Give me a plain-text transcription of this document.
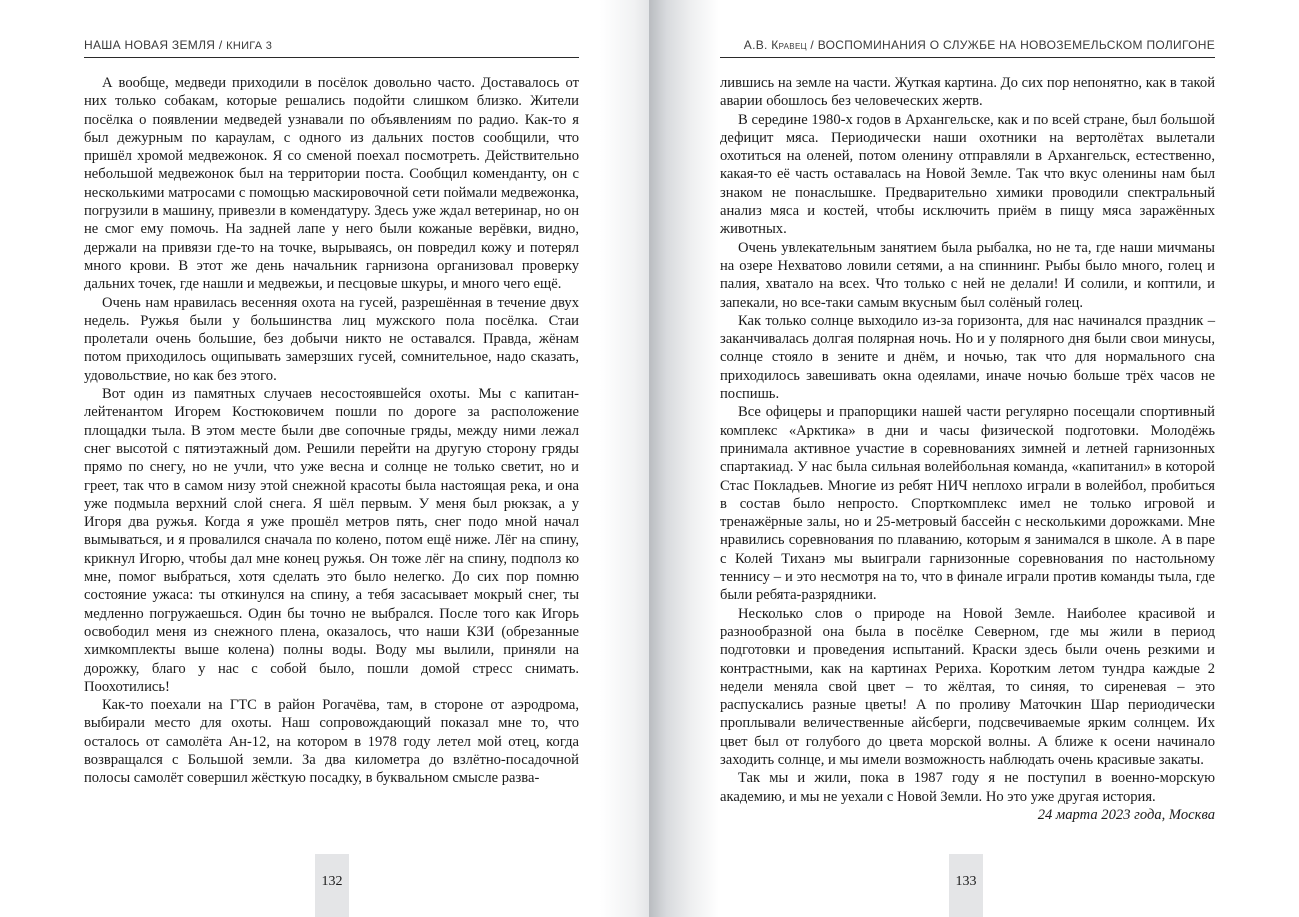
НАША НОВАЯ ЗЕМЛЯ / КНИГА 3

А вообще, медведи приходили в посёлок довольно часто. Доставалось от них только собакам, которые решались подойти слишком близко. Жители посёлка о появлении медведей узнавали по объявлениям по радио. Как-то я был дежурным по караулам, с одного из дальних постов сообщили, что пришёл хромой медвежонок. Я со сменой поехал посмотреть. Действительно небольшой медвежонок был на территории поста. Сообщил коменданту, он с несколькими матросами с помощью маскировочной сети поймали медвежонка, погрузили в машину, привезли в комендатуру. Здесь уже ждал ветеринар, но он не смог ему помочь. На задней лапе у него были кожаные верёвки, видно, держали на привязи где-то на точке, вырываясь, он повредил кожу и потерял много крови. В этот же день начальник гарнизона организовал проверку дальних точек, где нашли и медвежьи, и песцовые шкуры, и много чего ещё.

Очень нам нравилась весенняя охота на гусей, разрешённая в течение двух недель. Ружья были у большинства лиц мужского пола посёлка. Стаи пролетали очень большие, без добычи никто не оставался. Правда, жёнам потом приходилось ощипывать замерзших гусей, сомнительное, надо сказать, удовольствие, но как без этого.

Вот один из памятных случаев несостоявшейся охоты. Мы с капитан-лейтенантом Игорем Костюковичем пошли по дороге за расположение площадки тыла. В этом месте были две сопочные гряды, между ними лежал снег высотой с пятиэтажный дом. Решили перейти на другую сторону гряды прямо по снегу, но не учли, что уже весна и солнце не только светит, но и греет, так что в самом низу этой снежной красоты была настоящая река, и она уже подмыла верхний слой снега. Я шёл первым. У меня был рюкзак, а у Игоря два ружья. Когда я уже прошёл метров пять, снег подо мной начал вымываться, и я провалился сначала по колено, потом ещё ниже. Лёг на спину, крикнул Игорю, чтобы дал мне конец ружья. Он тоже лёг на спину, подполз ко мне, помог выбраться, хотя сделать это было нелегко. До сих пор помню состояние ужаса: ты откинулся на спину, а тебя засасывает мокрый снег, ты медленно погружаешься. Один бы точно не выбрался. После того как Игорь освободил меня из снежного плена, оказалось, что наши КЗИ (обрезанные химкомплекты выше колена) полны воды. Воду мы вылили, приняли на дорожку, благо у нас с собой было, пошли домой стресс снимать. Поохотились!

Как-то поехали на ГТС в район Рогачёва, там, в стороне от аэродрома, выбирали место для охоты. Наш сопровождающий показал мне то, что осталось от самолёта Ан-12, на котором в 1978 году летел мой отец, когда возвращался с Большой земли. За два километра до взлётно-посадочной полосы самолёт совершил жёсткую посадку, в буквальном смысле разва-

132
А.В. Кравец / ВОСПОМИНАНИЯ О СЛУЖБЕ НА НОВОЗЕМЕЛЬСКОМ ПОЛИГОНЕ

лившись на земле на части. Жуткая картина. До сих пор непонятно, как в такой аварии обошлось без человеческих жертв.

В середине 1980-х годов в Архангельске, как и по всей стране, был большой дефицит мяса. Периодически наши охотники на вертолётах вылетали охотиться на оленей, потом оленину отправляли в Архангельск, естественно, какая-то её часть оставалась на Новой Земле. Так что вкус оленины нам был знаком не понаслышке. Предварительно химики проводили спектральный анализ мяса и костей, чтобы исключить приём в пищу мяса заражённых животных.

Очень увлекательным занятием была рыбалка, но не та, где наши мичманы на озере Нехватово ловили сетями, а на спиннинг. Рыбы было много, голец и палия, хватало на всех. Что только с ней не делали! И солили, и коптили, и запекали, но все-таки самым вкусным был солёный голец.

Как только солнце выходило из-за горизонта, для нас начинался праздник – заканчивалась долгая полярная ночь. Но и у полярного дня были свои минусы, солнце стояло в зените и днём, и ночью, так что для нормального сна приходилось завешивать окна одеялами, иначе ночью больше трёх часов не поспишь.

Все офицеры и прапорщики нашей части регулярно посещали спортивный комплекс «Арктика» в дни и часы физической подготовки. Молодёжь принимала активное участие в соревнованиях зимней и летней гарнизонных спартакиад. У нас была сильная волейбольная команда, «капитанил» в которой Стас Покладьев. Многие из ребят НИЧ неплохо играли в волейбол, пробиться в состав было непросто. Спорткомплекс имел не только игровой и тренажёрные залы, но и 25-метровый бассейн с несколькими дорожками. Мне нравились соревнования по плаванию, которым я занимался в школе. А в паре с Колей Тиханэ мы выиграли гарнизонные соревнования по настольному теннису – и это несмотря на то, что в финале играли против команды тыла, где были ребята-разрядники.

Несколько слов о природе на Новой Земле. Наиболее красивой и разнообразной она была в посёлке Северном, где мы жили в период подготовки и проведения испытаний. Краски здесь были очень резкими и контрастными, как на картинах Рериха. Коротким летом тундра каждые 2 недели меняла свой цвет – то жёлтая, то синяя, то сиреневая – это распускались разные цветы! А по проливу Маточкин Шар периодически проплывали величественные айсберги, подсвечиваемые ярким солнцем. Их цвет был от голубого до цвета морской волны. А ближе к осени начинало заходить солнце, и мы имели возможность наблюдать очень красивые закаты.

Так мы и жили, пока в 1987 году я не поступил в военно-морскую академию, и мы не уехали с Новой Земли. Но это уже другая история.

24 марта 2023 года, Москва

133
